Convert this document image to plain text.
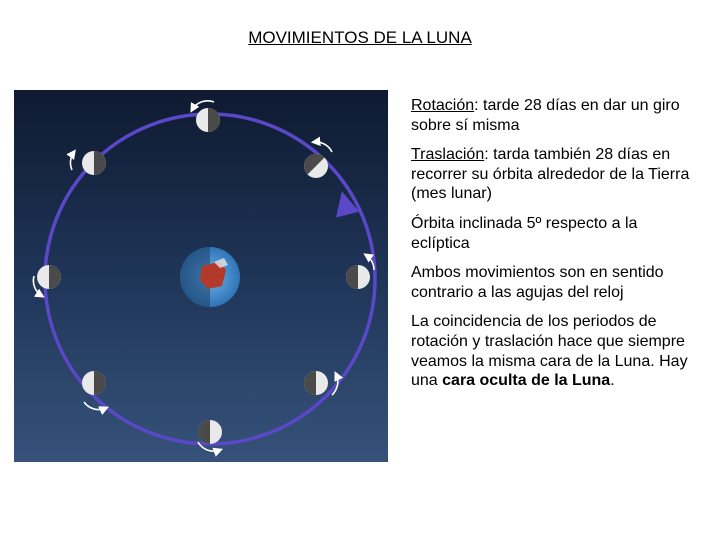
MOVIMIENTOS DE LA LUNA

Rotación: tarde 28 días en dar un giro sobre sí misma

Traslación: tarda también 28 días en recorrer su órbita alrededor de la Tierra (mes lunar)

Órbita inclinada 5º respecto a la eclíptica

Ambos movimientos son en sentido contrario a las agujas del reloj

La coincidencia de los periodos de rotación y traslación hace que siempre veamos la misma cara de la Luna. Hay una cara oculta de la Luna.
